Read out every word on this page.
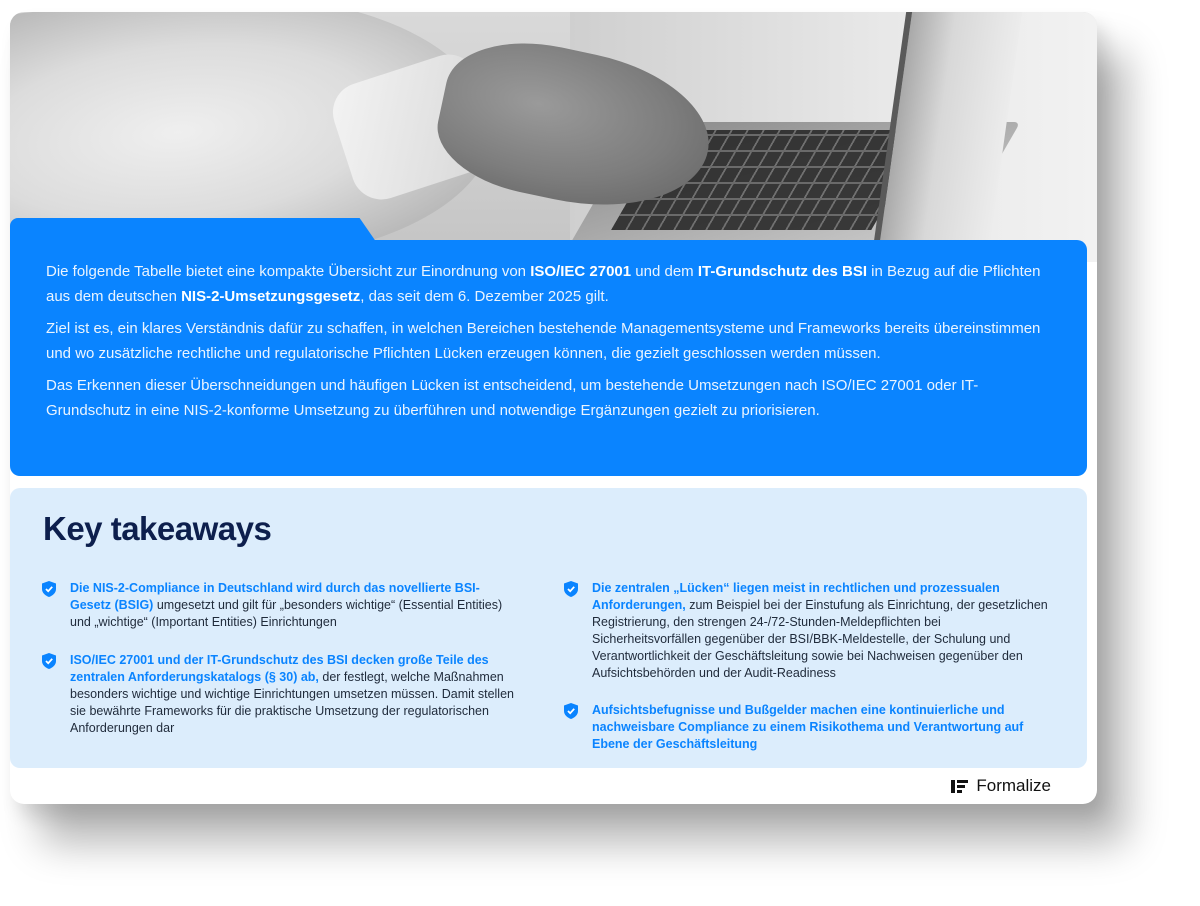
Die folgende Tabelle bietet eine kompakte Übersicht zur Einordnung von ISO/IEC 27001 und dem IT-Grundschutz des BSI in Bezug auf die Pflichten aus dem deutschen NIS-2-Umsetzungsgesetz, das seit dem 6. Dezember 2025 gilt.

Ziel ist es, ein klares Verständnis dafür zu schaffen, in welchen Bereichen bestehende Managementsysteme und Frameworks bereits übereinstimmen und wo zusätzliche rechtliche und regulatorische Pflichten Lücken erzeugen können, die gezielt geschlossen werden müssen.

Das Erkennen dieser Überschneidungen und häufigen Lücken ist entscheidend, um bestehende Umsetzungen nach ISO/IEC 27001 oder IT-Grundschutz in eine NIS-2-konforme Umsetzung zu überführen und notwendige Ergänzungen gezielt zu priorisieren.

Key takeaways
Die NIS-2-Compliance in Deutschland wird durch das novellierte BSI-Gesetz (BSIG) umgesetzt und gilt für „besonders wichtige“ (Essential Entities) und „wichtige“ (Important Entities) Einrichtungen
ISO/IEC 27001 und der IT-Grundschutz des BSI decken große Teile des zentralen Anforderungskatalogs (§ 30) ab, der festlegt, welche Maßnahmen besonders wichtige und wichtige Einrichtungen umsetzen müssen. Damit stellen sie bewährte Frameworks für die praktische Umsetzung der regulatorischen Anforderungen dar
Die zentralen „Lücken“ liegen meist in rechtlichen und prozessualen Anforderungen, zum Beispiel bei der Einstufung als Einrichtung, der gesetzlichen Registrierung, den strengen 24-/72-Stunden-Meldepflichten bei Sicherheitsvorfällen gegenüber der BSI/BBK-Meldestelle, der Schulung und Verantwortlichkeit der Geschäftsleitung sowie bei Nachweisen gegenüber den Aufsichtsbehörden und der Audit-Readiness
Aufsichtsbefugnisse und Bußgelder machen eine kontinuierliche und nachweisbare Compliance zu einem Risikothema und Verantwortung auf Ebene der Geschäftsleitung
Formalize
